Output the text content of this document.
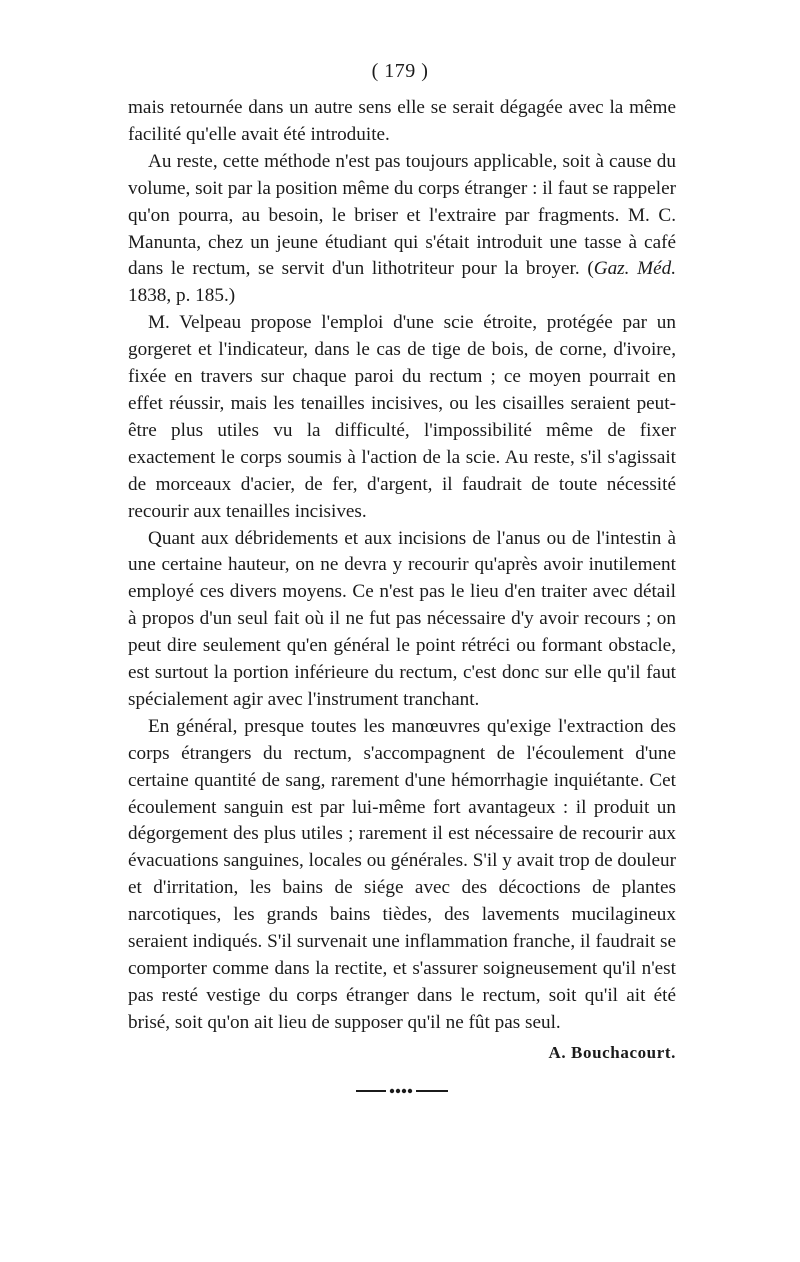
( 179 )

mais retournée dans un autre sens elle se serait dégagée avec la même facilité qu'elle avait été introduite.

Au reste, cette méthode n'est pas toujours applicable, soit à cause du volume, soit par la position même du corps étranger : il faut se rappeler qu'on pourra, au besoin, le briser et l'extraire par fragments. M. C. Manunta, chez un jeune étudiant qui s'était introduit une tasse à café dans le rectum, se servit d'un lithotriteur pour la broyer. (Gaz. Méd. 1838, p. 185.)

M. Velpeau propose l'emploi d'une scie étroite, protégée par un gorgeret et l'indicateur, dans le cas de tige de bois, de corne, d'ivoire, fixée en travers sur chaque paroi du rectum ; ce moyen pourrait en effet réussir, mais les tenailles incisives, ou les cisailles seraient peut-être plus utiles vu la difficulté, l'impossibilité même de fixer exactement le corps soumis à l'action de la scie. Au reste, s'il s'agissait de morceaux d'acier, de fer, d'argent, il faudrait de toute nécessité recourir aux tenailles incisives.

Quant aux débridements et aux incisions de l'anus ou de l'intestin à une certaine hauteur, on ne devra y recourir qu'après avoir inutilement employé ces divers moyens. Ce n'est pas le lieu d'en traiter avec détail à propos d'un seul fait où il ne fut pas nécessaire d'y avoir recours ; on peut dire seulement qu'en général le point rétréci ou formant obstacle, est surtout la portion inférieure du rectum, c'est donc sur elle qu'il faut spécialement agir avec l'instrument tranchant.

En général, presque toutes les manœuvres qu'exige l'extraction des corps étrangers du rectum, s'accompagnent de l'écoulement d'une certaine quantité de sang, rarement d'une hémorrhagie inquiétante. Cet écoulement sanguin est par lui-même fort avantageux : il produit un dégorgement des plus utiles ; rarement il est nécessaire de recourir aux évacuations sanguines, locales ou générales. S'il y avait trop de douleur et d'irritation, les bains de siége avec des décoctions de plantes narcotiques, les grands bains tièdes, des lavements mucilagineux seraient indiqués. S'il survenait une inflammation franche, il faudrait se comporter comme dans la rectite, et s'assurer soigneusement qu'il n'est pas resté vestige du corps étranger dans le rectum, soit qu'il ait été brisé, soit qu'on ait lieu de supposer qu'il ne fût pas seul.

A. Bouchacourt.
